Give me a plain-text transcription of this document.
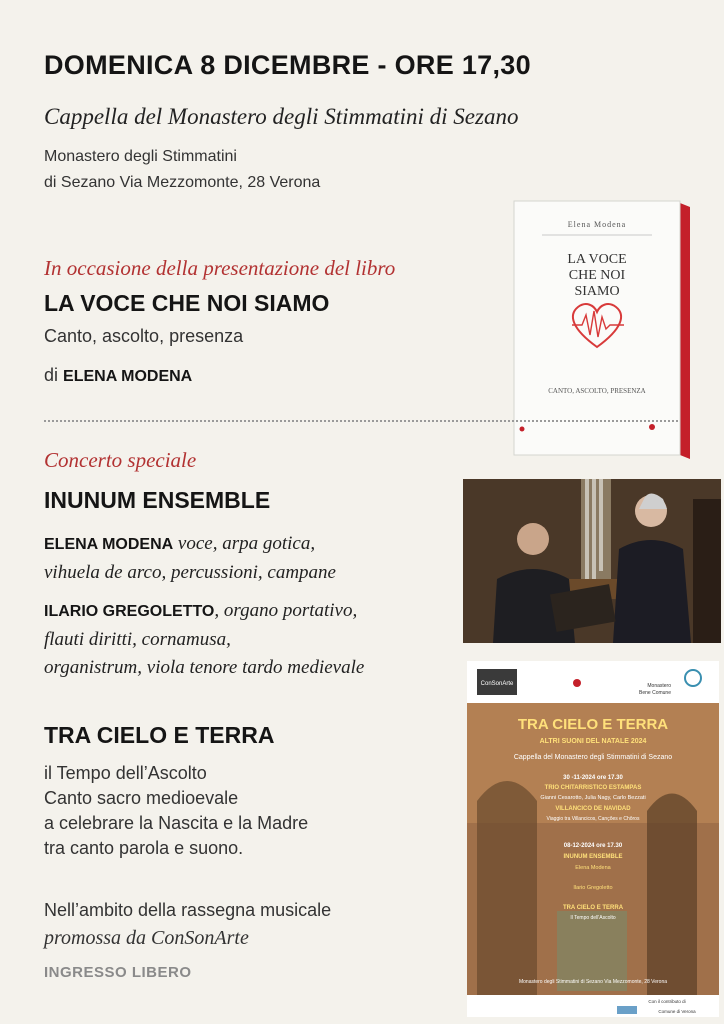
DOMENICA 8 DICEMBRE - ORE 17,30
Cappella del Monastero degli Stimmatini di Sezano
Monastero degli Stimmatini
di Sezano Via Mezzomonte, 28 Verona
In occasione della presentazione del libro
LA VOCE CHE NOI SIAMO
Canto, ascolto, presenza
di ELENA MODENA
Elena Modena
LA VOCE
CHE NOI
SIAMO
CANTO, ASCOLTO, PRESENZA
Concerto speciale
INUNUM ENSEMBLE
ELENA MODENA voce, arpa gotica,
vihuela de arco, percussioni, campane
ILARIO GREGOLETTO, organo portativo,
flauti diritti, cornamusa,
organistrum, viola tenore tardo medievale
TRA CIELO E TERRA
il Tempo dell’Ascolto
Canto sacro medioevale
a celebrare la Nascita e la Madre
tra canto parola e suono.
Nell’ambito della rassegna musicale
promossa da ConSonArte
INGRESSO LIBERO
ConSonArte	Monastero
Bene Comune
TRA CIELO E TERRA
ALTRI SUONI DEL NATALE 2024
Cappella del Monastero degli Stimmatini di Sezano
30 -11-2024 ore 17.30
TRIO CHITARRISTICO ESTAMPAS
Gianni Cesarotto, Julia Nagy, Carlo Bezzati
VILLANCICO DE NAVIDAD
Viaggio tra Villancicos, Canções e Chôros
08-12-2024 ore 17.30
INUNUM ENSEMBLE
Elena Modena
Ilario Gregoletto
TRA CIELO E TERRA
Il Tempo dell'Ascolto
Monastero degli Stimmatini di Sezano Via Mezzomonte, 28 Verona
Con il contributo di
Comune di Verona
